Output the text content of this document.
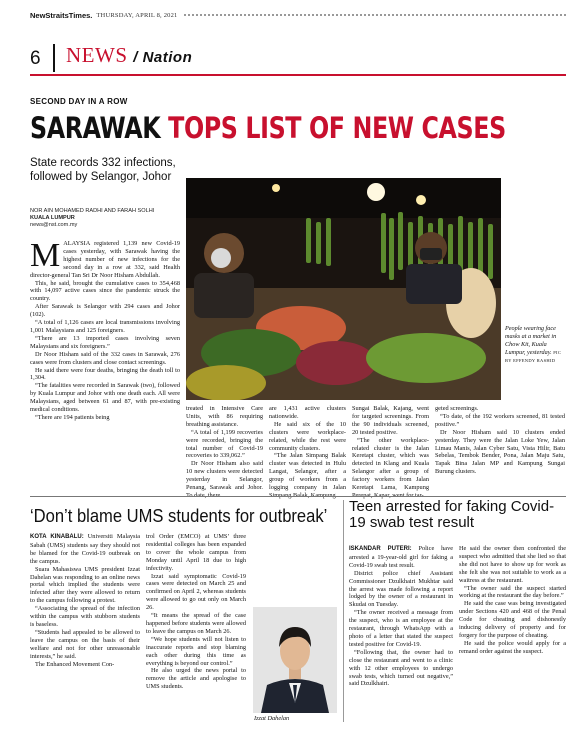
NewStraitsTimes. THURSDAY, APRIL 8, 2021
6 NEWS / Nation
SECOND DAY IN A ROW
SARAWAK TOPS LIST OF NEW CASES
State records 332 infections, followed by Selangor, Johor
NOR AIN MOHAMED RADHI AND FARAH SOLHI
KUALA LUMPUR
news@nst.com.my
People wearing face masks at a market in Chow Kit, Kuala Lumpur, yesterday. PIC BY EFFENDY RASHID

MALAYSIA registered 1,139 new Covid-19 cases yesterday, with Sarawak having the highest number of new infections for the second day in a row at 332, said Health director-general Tan Sri Dr Noor Hisham Abdullah.

This, he said, brought the cumulative cases to 354,468 with 14,097 active cases since the pandemic struck the country.

After Sarawak is Selangor with 294 cases and Johor (102).

“A total of 1,126 cases are local transmissions involving 1,001 Malaysians and 125 foreigners.

“There are 13 imported cases involving seven Malaysians and six foreigners.”

Dr Noor Hisham said of the 332 cases in Sarawak, 276 cases were from clusters and close contact screenings.

He said there were four deaths, bringing the death toll to 1,304.

“The fatalities were recorded in Sarawak (two), followed by Kuala Lumpur and Johor with one death each. All were Malaysians, aged between 61 and 87, with pre-existing medical conditions.

“There are 194 patients being

treated in Intensive Care Units, with 86 requiring breathing assistance.

“A total of 1,199 recoveries were recorded, bringing the total number of Covid-19 recoveries to 339,062.”

Dr Noor Hisham also said 10 new clusters were detected yesterday in Selangor, Penang, Sarawak and Johor.

are 1,431 active clusters nationwide.

He said six of the 10 clusters were workplace-related, while the rest were community clusters.

“The Jalan Simpang Balak cluster was detected in Hulu Langat, Selangor, after a group of workers from a logging company in Jalan

Sungai Balak, Kajang, went for targeted screenings. From the 90 individuals screened, 20 tested positive.

“The other workplace-related cluster is the Jalan Keretapi cluster, which was detected in Klang and Kuala Selangor after a group of factory workers from Jalan Keretapi Lama, Kampung

geted screenings.

“To date, of the 192 workers screened, 81 tested positive.”

Dr Noor Hisham said 10 clusters ended yesterday. They were the Jalan Loke Yew, Jalan Limau Manis, Jalan Cyber Satu, Vista Hilir, Batu Sebelas, Tembok Bender, Pona, Jalan Maju Satu, Tapak Bina Jalan MP and Kampung Sungai Burung clusters.

‘Don’t blame UMS students for outbreak’

KOTA KINABALU: Universiti Malaysia Sabah (UMS) students say they should not be blamed for the Covid-19 outbreak on the campus.

Suara Mahasiswa UMS president Izzat Dahelan was responding to an online news portal which implied the students were infected after they were allowed to return to the campus following a protest.

“Associating the spread of the infection within the campus with stubborn students is baseless.

“Students had appealed to be allowed to leave the campus on the basis of their welfare and not for other unreasonable interests,” he said.

The Enhanced Movement Con-

trol Order (EMCO) at UMS’ three residential colleges has been expanded to cover the whole campus from Monday until April 18 due to high infectivity.

Izzat said symptomatic Covid-19 cases were detected on March 25 and confirmed on April 2, whereas students were allowed to go out only on March 26.

“It means the spread of the case happened before students were allowed to leave the campus on March 26.

“We hope students will not listen to inaccurate reports and stop blaming each other during this time as everything is beyond our control.”

He also urged the news portal to remove the article and apologise to UMS students.

Izzat Dahelan
Teen arrested for faking Covid-19 swab test result

ISKANDAR PUTERI: Police have arrested a 19-year-old girl for faking a Covid-19 swab test result.

District police chief Assistant Commissioner Dzulkhairi Mukhtar said the arrest was made following a report lodged by the owner of a restaurant in Skudai on Tuesday.

“The owner received a message from the suspect, who is an employee at the restaurant, through WhatsApp with a photo of a letter that stated the suspect tested positive for Covid-19.

“Following that, the owner had to close the restaurant and went to a clinic with 12 other employees to undergo swab tests, which turned out negative,” said Dzulkhairi.

He said the owner then confronted the suspect who admitted that she lied so that she did not have to show up for work as she felt she was not suitable to work as a waitress at the restaurant.

“The owner said the suspect started working at the restaurant the day before.”

He said the case was being investigated under Sections 420 and 468 of the Penal Code for cheating and dishonestly inducing delivery of property and for forgery for the purpose of cheating.

He said the police would apply for a remand order against the suspect.
